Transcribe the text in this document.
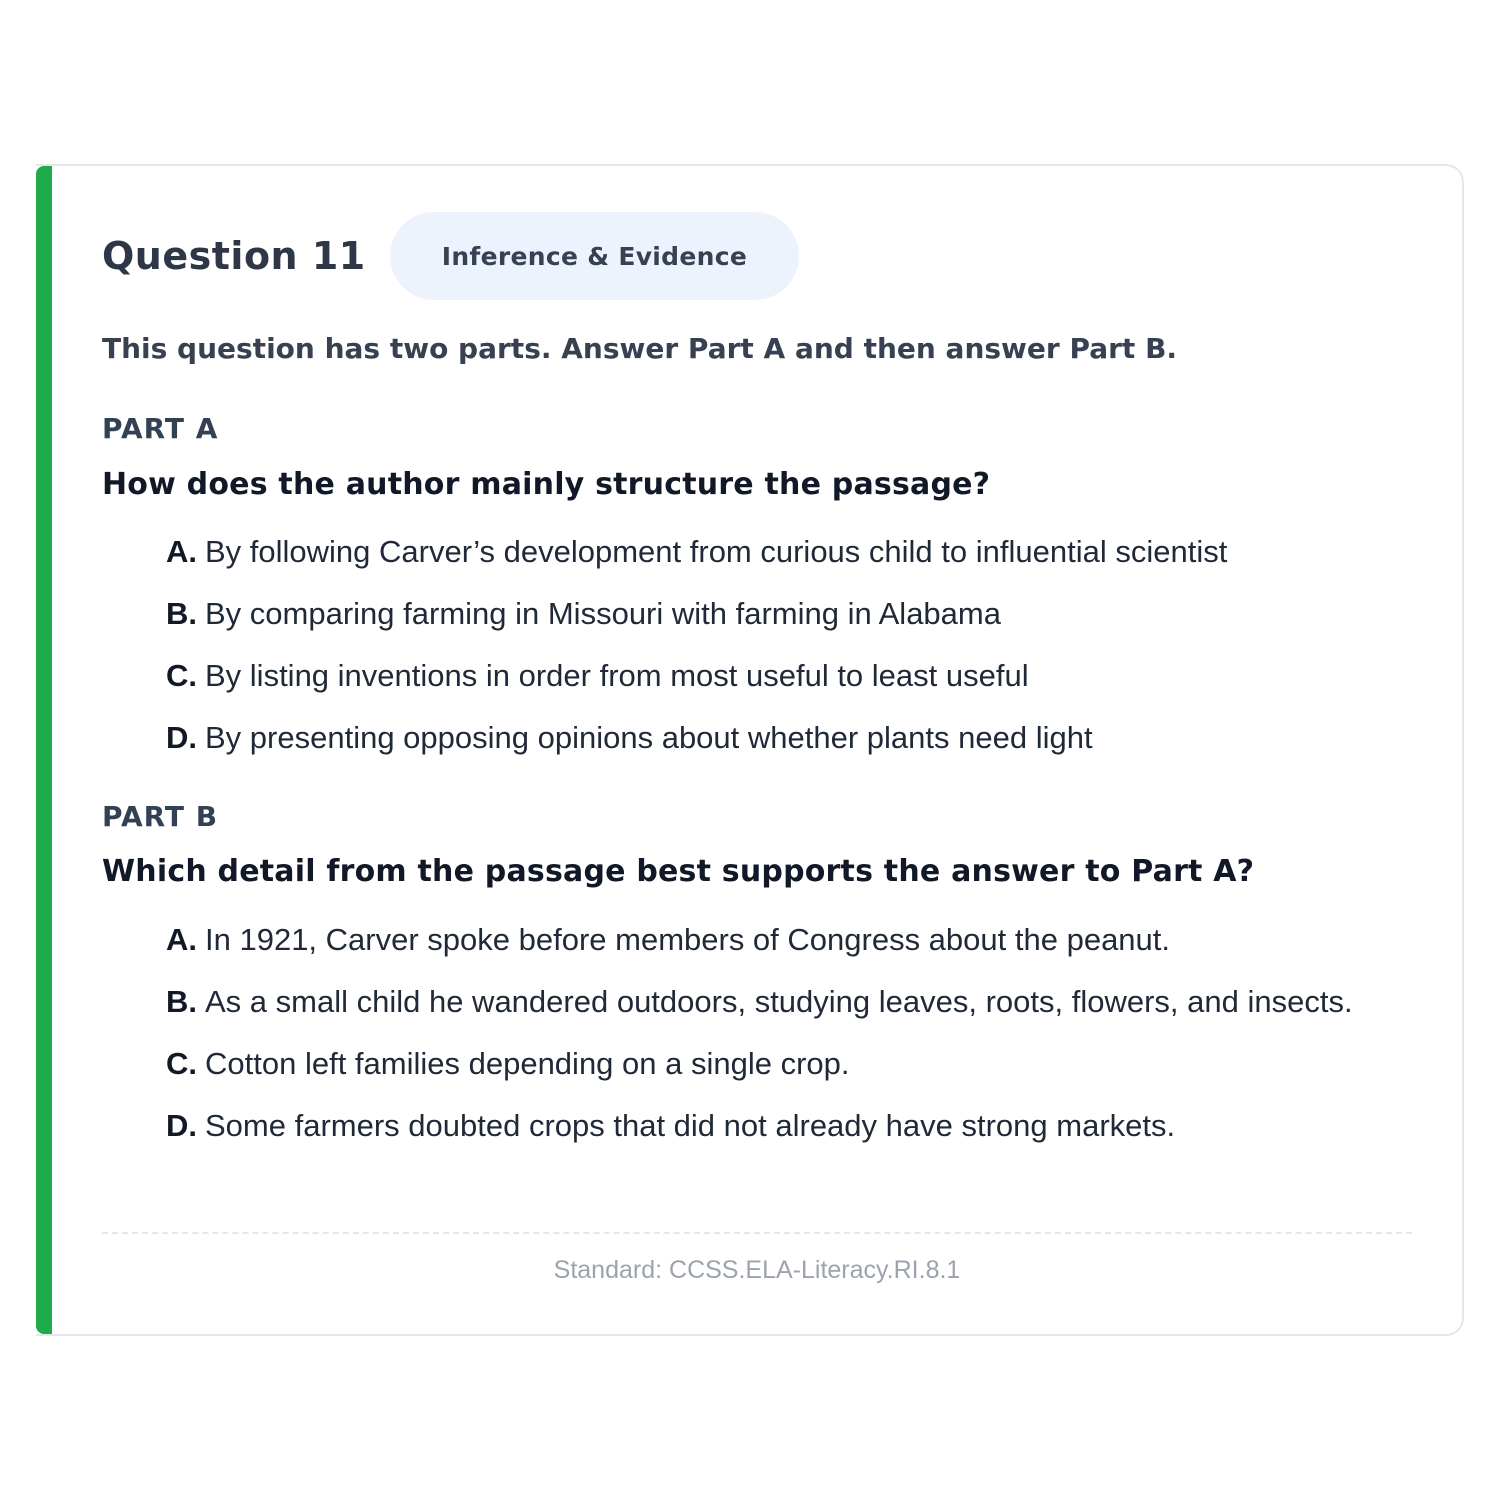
Question 11	Inference & Evidence
This question has two parts. Answer Part A and then answer Part B.
PART A
How does the author mainly structure the passage?
A. By following Carver’s development from curious child to influential scientist
B. By comparing farming in Missouri with farming in Alabama
C. By listing inventions in order from most useful to least useful
D. By presenting opposing opinions about whether plants need light
PART B
Which detail from the passage best supports the answer to Part A?
A. In 1921, Carver spoke before members of Congress about the peanut.
B. As a small child he wandered outdoors, studying leaves, roots, flowers, and insects.
C. Cotton left families depending on a single crop.
D. Some farmers doubted crops that did not already have strong markets.
Standard: CCSS.ELA-Literacy.RI.8.1
